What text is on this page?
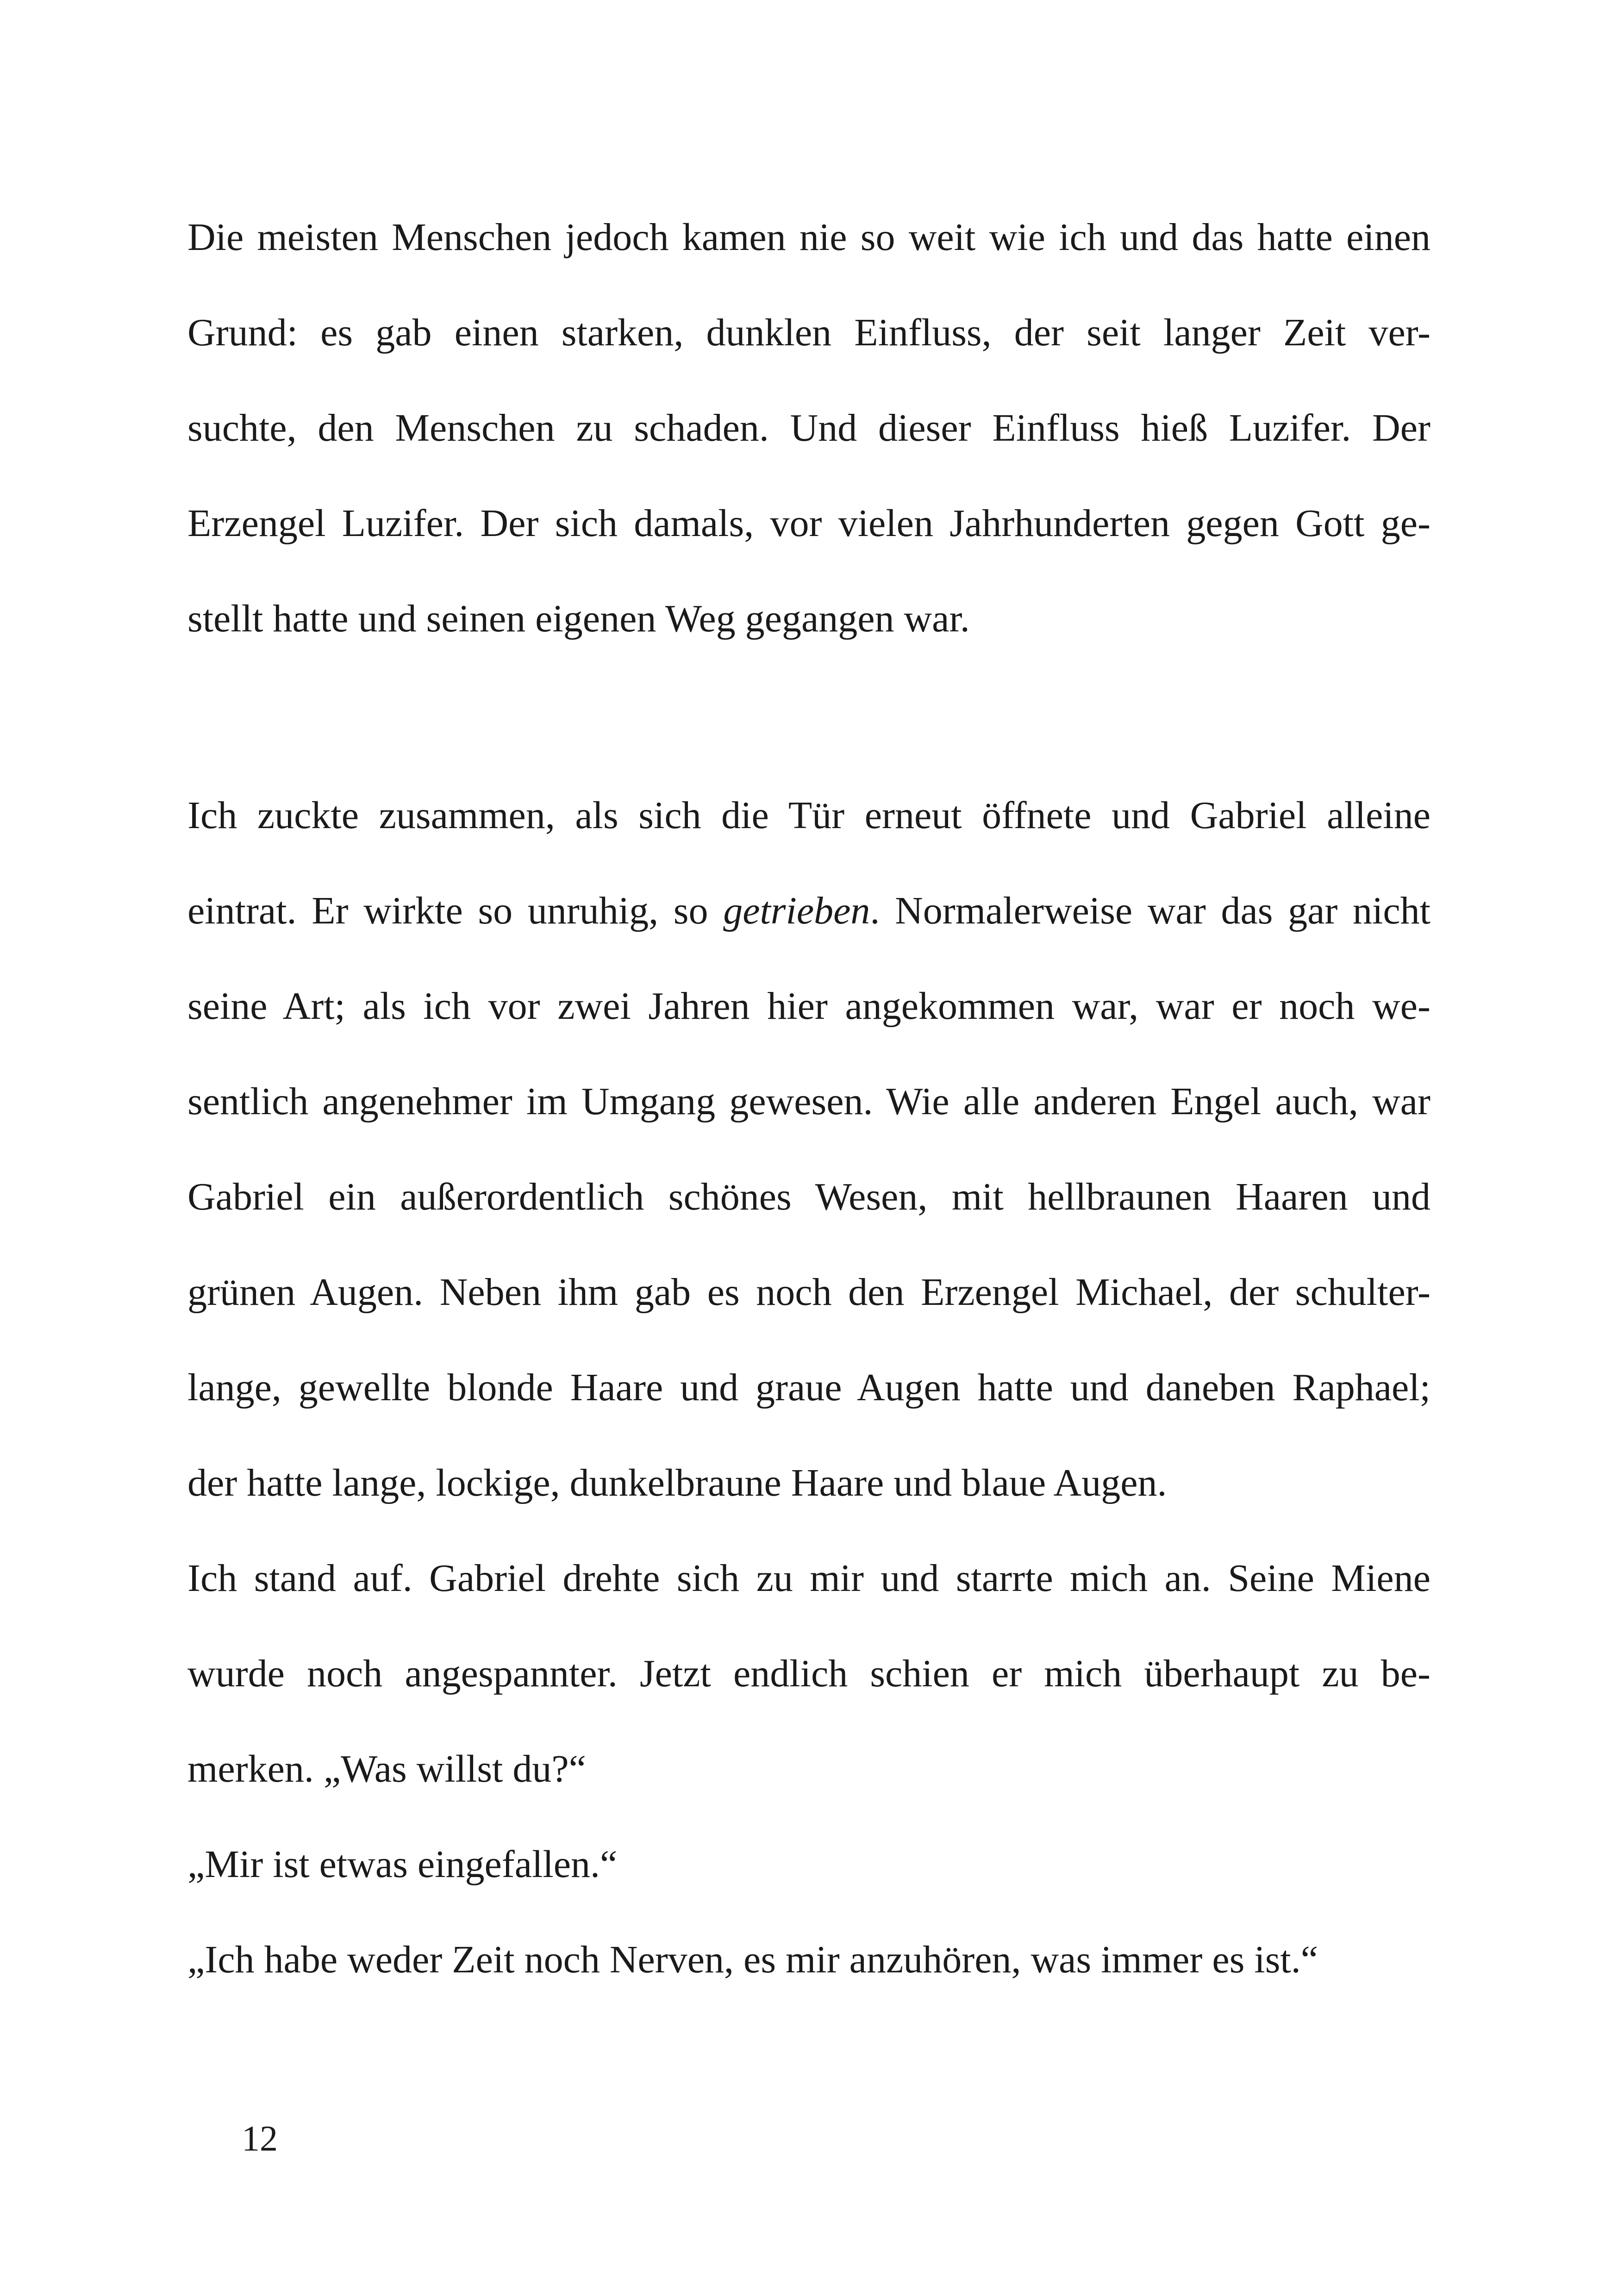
Die meisten Menschen jedoch kamen nie so weit wie ich und das hatte einen
Grund: es gab einen starken, dunklen Einfluss, der seit langer Zeit ver-
suchte, den Menschen zu schaden. Und dieser Einfluss hieß Luzifer. Der
Erzengel Luzifer. Der sich damals, vor vielen Jahrhunderten gegen Gott ge-
stellt hatte und seinen eigenen Weg gegangen war.
Ich zuckte zusammen, als sich die Tür erneut öffnete und Gabriel alleine
eintrat. Er wirkte so unruhig, so getrieben. Normalerweise war das gar nicht
seine Art; als ich vor zwei Jahren hier angekommen war, war er noch we-
sentlich angenehmer im Umgang gewesen. Wie alle anderen Engel auch, war
Gabriel ein außerordentlich schönes Wesen, mit hellbraunen Haaren und
grünen Augen. Neben ihm gab es noch den Erzengel Michael, der schulter-
lange, gewellte blonde Haare und graue Augen hatte und daneben Raphael;
der hatte lange, lockige, dunkelbraune Haare und blaue Augen.
Ich stand auf. Gabriel drehte sich zu mir und starrte mich an. Seine Miene
wurde noch angespannter. Jetzt endlich schien er mich überhaupt zu be-
merken. „Was willst du?“
„Mir ist etwas eingefallen.“
„Ich habe weder Zeit noch Nerven, es mir anzuhören, was immer es ist.“
12
